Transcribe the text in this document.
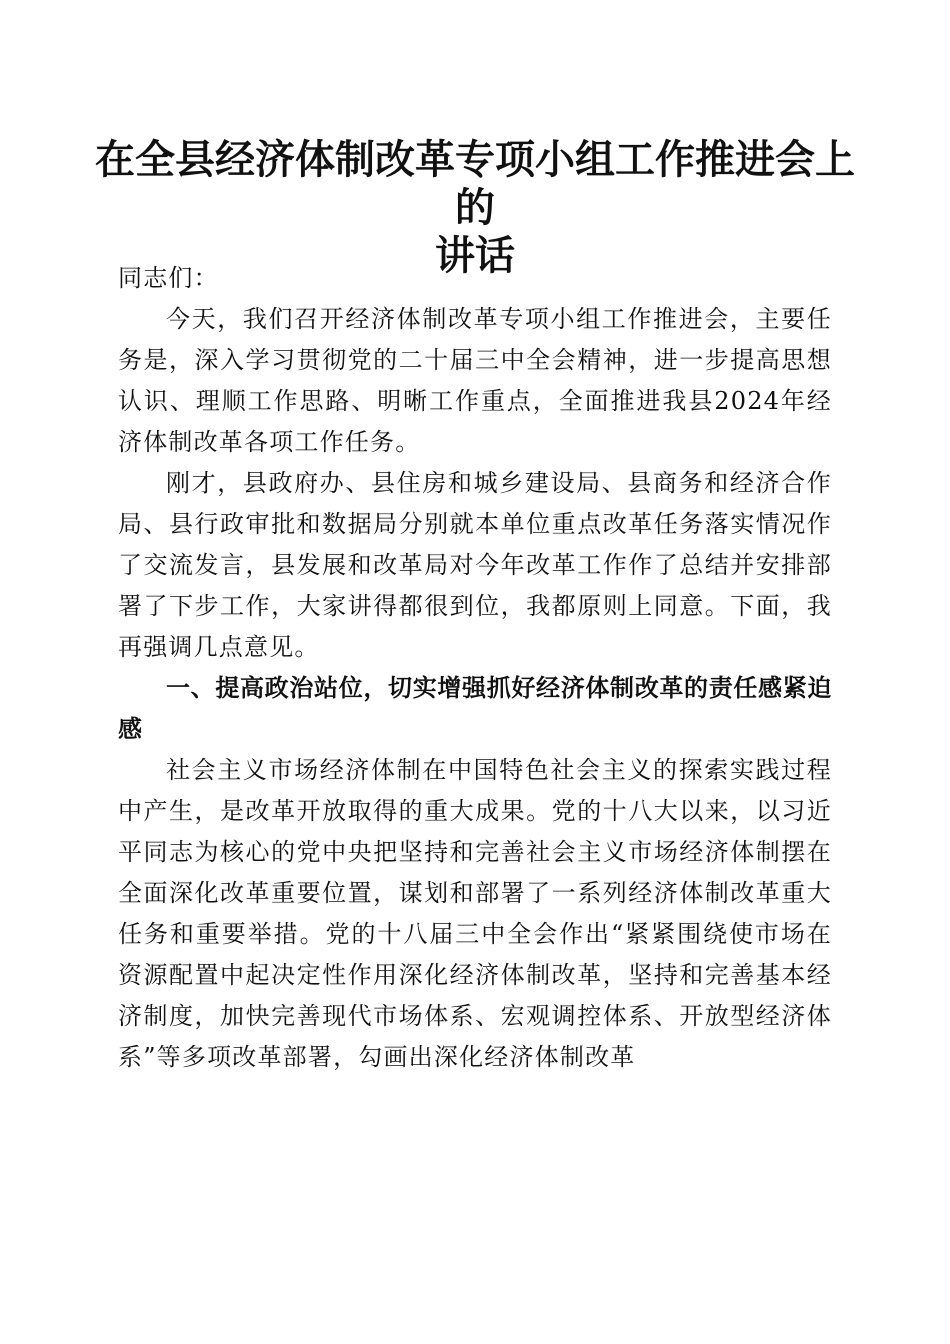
在全县经济体制改革专项小组工作推进会上的
讲话

同志们：

今天，我们召开经济体制改革专项小组工作推进会，主要任务是，深入学习贯彻党的二十届三中全会精神，进一步提高思想认识、理顺工作思路、明晰工作重点，全面推进我县2024年经济体制改革各项工作任务。

刚才，县政府办、县住房和城乡建设局、县商务和经济合作局、县行政审批和数据局分别就本单位重点改革任务落实情况作了交流发言，县发展和改革局对今年改革工作作了总结并安排部署了下步工作，大家讲得都很到位，我都原则上同意。下面，我再强调几点意见。

一、提高政治站位，切实增强抓好经济体制改革的责任感紧迫感

社会主义市场经济体制在中国特色社会主义的探索实践过程中产生，是改革开放取得的重大成果。党的十八大以来，以习近平同志为核心的党中央把坚持和完善社会主义市场经济体制摆在全面深化改革重要位置，谋划和部署了一系列经济体制改革重大任务和重要举措。党的十八届三中全会作出“紧紧围绕使市场在资源配置中起决定性作用深化经济体制改革，坚持和完善基本经济制度，加快完善现代市场体系、宏观调控体系、开放型经济体系”等多项改革部署，勾画出深化经济体制改革
